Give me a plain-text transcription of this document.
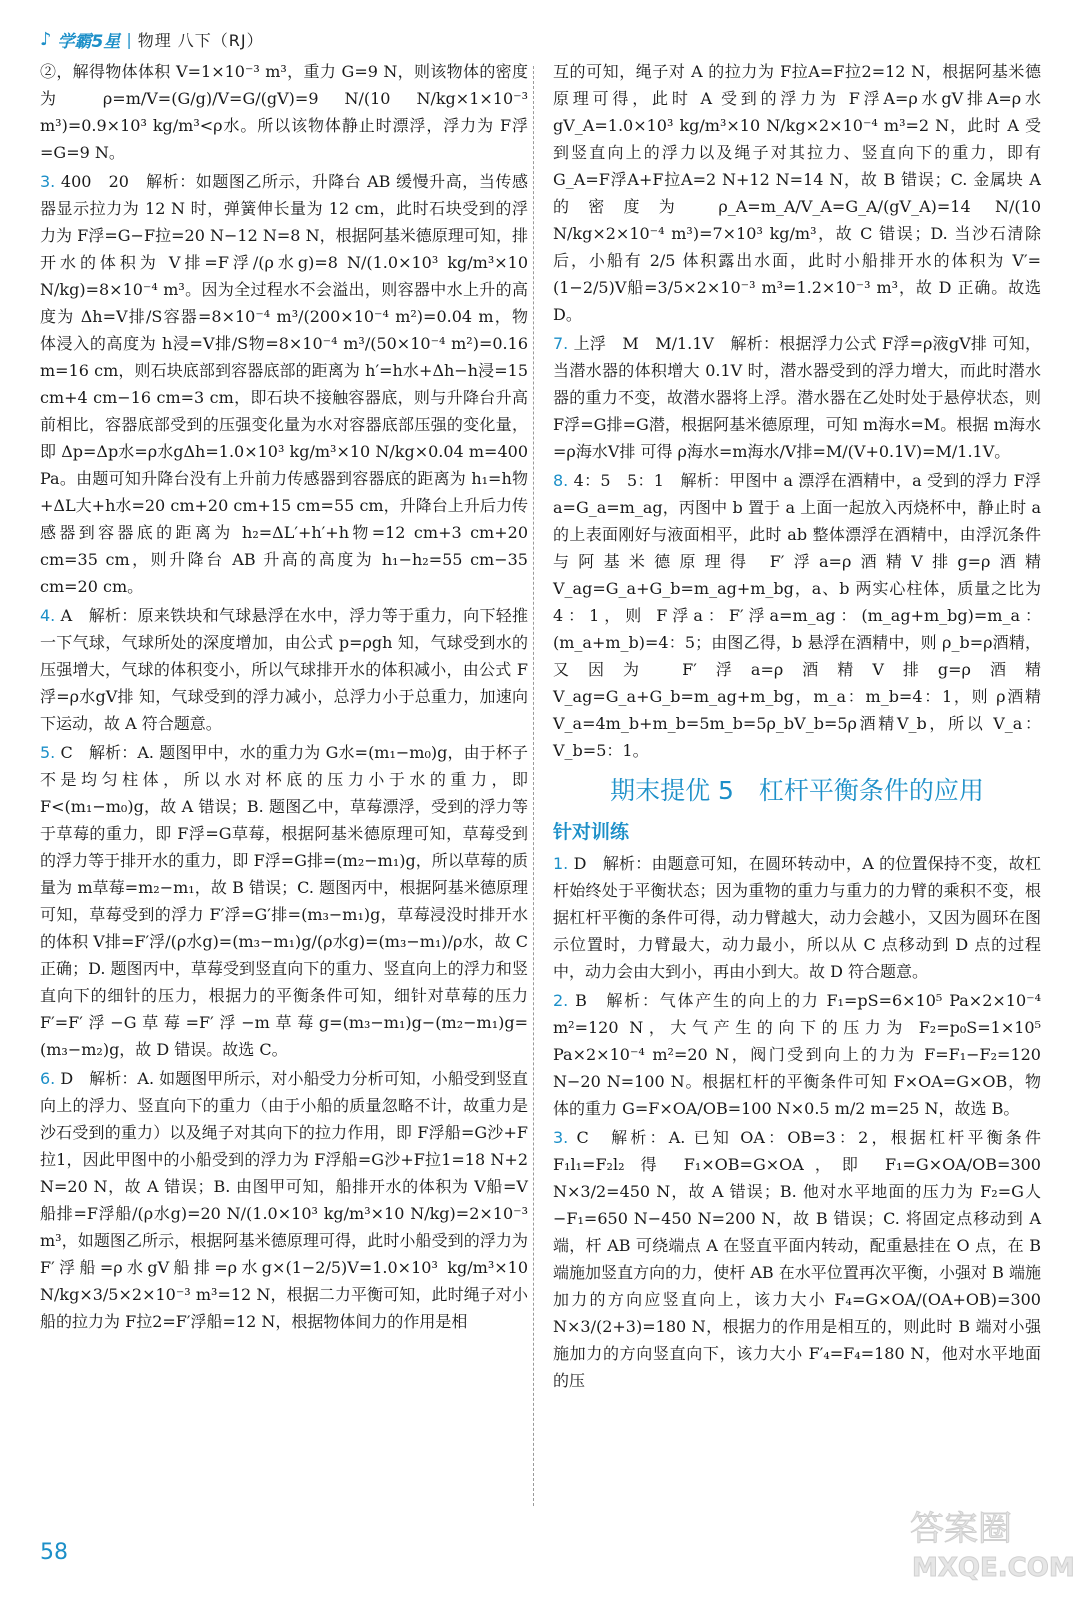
♪ 学霸5星 | 物理 八下（RJ）

②，解得物体体积 V=1×10⁻³ m³，重力 G=9 N，则该物体的密度为 ρ=m/V=(G/g)/V=G/(gV)=9 N/(10 N/kg×1×10⁻³ m³)=0.9×10³ kg/m³<ρ水。所以该物体静止时漂浮，浮力为 F浮=G=9 N。

3. 400　20　解析：如题图乙所示，升降台 AB 缓慢升高，当传感器显示拉力为 12 N 时，弹簧伸长量为 12 cm，此时石块受到的浮力为 F浮=G−F拉=20 N−12 N=8 N，根据阿基米德原理可知，排开水的体积为 V排=F浮/(ρ水g)=8 N/(1.0×10³ kg/m³×10 N/kg)=8×10⁻⁴ m³。因为全过程水不会溢出，则容器中水上升的高度为 Δh=V排/S容器=8×10⁻⁴ m³/(200×10⁻⁴ m²)=0.04 m，物体浸入的高度为 h浸=V排/S物=8×10⁻⁴ m³/(50×10⁻⁴ m²)=0.16 m=16 cm，则石块底部到容器底部的距离为 h′=h水+Δh−h浸=15 cm+4 cm−16 cm=3 cm，即石块不接触容器底，则与升降台升高前相比，容器底部受到的压强变化量为水对容器底部压强的变化量，即 Δp=Δp水=ρ水gΔh=1.0×10³ kg/m³×10 N/kg×0.04 m=400 Pa。由题可知升降台没有上升前力传感器到容器底的距离为 h₁=h物+ΔL大+h水=20 cm+20 cm+15 cm=55 cm，升降台上升后力传感器到容器底的距离为 h₂=ΔL′+h′+h物=12 cm+3 cm+20 cm=35 cm，则升降台 AB 升高的高度为 h₁−h₂=55 cm−35 cm=20 cm。

4. A　解析：原来铁块和气球悬浮在水中，浮力等于重力，向下轻推一下气球，气球所处的深度增加，由公式 p=ρgh 知，气球受到水的压强增大，气球的体积变小，所以气球排开水的体积减小，由公式 F浮=ρ水gV排 知，气球受到的浮力减小，总浮力小于总重力，加速向下运动，故 A 符合题意。

5. C　解析：A. 题图甲中，水的重力为 G水=(m₁−m₀)g，由于杯子不是均匀柱体，所以水对杯底的压力小于水的重力，即 F<(m₁−m₀)g，故 A 错误；B. 题图乙中，草莓漂浮，受到的浮力等于草莓的重力，即 F浮=G草莓，根据阿基米德原理可知，草莓受到的浮力等于排开水的重力，即 F浮=G排=(m₂−m₁)g，所以草莓的质量为 m草莓=m₂−m₁，故 B 错误；C. 题图丙中，根据阿基米德原理可知，草莓受到的浮力 F′浮=G′排=(m₃−m₁)g，草莓浸没时排开水的体积 V排=F′浮/(ρ水g)=(m₃−m₁)g/(ρ水g)=(m₃−m₁)/ρ水，故 C 正确；D. 题图丙中，草莓受到竖直向下的重力、竖直向上的浮力和竖直向下的细针的压力，根据力的平衡条件可知，细针对草莓的压力 F′=F′浮−G草莓=F′浮−m草莓g=(m₃−m₁)g−(m₂−m₁)g=(m₃−m₂)g，故 D 错误。故选 C。

6. D　解析：A. 如题图甲所示，对小船受力分析可知，小船受到竖直向上的浮力、竖直向下的重力（由于小船的质量忽略不计，故重力是沙石受到的重力）以及绳子对其向下的拉力作用，即 F浮船=G沙+F拉1，因此甲图中的小船受到的浮力为 F浮船=G沙+F拉1=18 N+2 N=20 N，故 A 错误；B. 由图甲可知，船排开水的体积为 V船=V船排=F浮船/(ρ水g)=20 N/(1.0×10³ kg/m³×10 N/kg)=2×10⁻³ m³，如题图乙所示，根据阿基米德原理可得，此时小船受到的浮力为 F′浮船=ρ水gV船排=ρ水g×(1−2/5)V=1.0×10³ kg/m³×10 N/kg×3/5×2×10⁻³ m³=12 N，根据二力平衡可知，此时绳子对小船的拉力为 F拉2=F′浮船=12 N，根据物体间力的作用是相

互的可知，绳子对 A 的拉力为 F拉A=F拉2=12 N，根据阿基米德原理可得，此时 A 受到的浮力为 F浮A=ρ水gV排A=ρ水gV_A=1.0×10³ kg/m³×10 N/kg×2×10⁻⁴ m³=2 N，此时 A 受到竖直向上的浮力以及绳子对其拉力、竖直向下的重力，即有 G_A=F浮A+F拉A=2 N+12 N=14 N，故 B 错误；C. 金属块 A 的密度为 ρ_A=m_A/V_A=G_A/(gV_A)=14 N/(10 N/kg×2×10⁻⁴ m³)=7×10³ kg/m³，故 C 错误；D. 当沙石清除后，小船有 2/5 体积露出水面，此时小船排开水的体积为 V′=(1−2/5)V船=3/5×2×10⁻³ m³=1.2×10⁻³ m³，故 D 正确。故选 D。

7. 上浮　M　M/1.1V　解析：根据浮力公式 F浮=ρ液gV排 可知，当潜水器的体积增大 0.1V 时，潜水器受到的浮力增大，而此时潜水器的重力不变，故潜水器将上浮。潜水器在乙处时处于悬停状态，则 F浮=G排=G潜，根据阿基米德原理，可知 m海水=M。根据 m海水=ρ海水V排 可得 ρ海水=m海水/V排=M/(V+0.1V)=M/1.1V。

8. 4：5　5：1　解析：甲图中 a 漂浮在酒精中，a 受到的浮力 F浮a=G_a=m_ag，丙图中 b 置于 a 上面一起放入丙烧杯中，静止时 a 的上表面刚好与液面相平，此时 ab 整体漂浮在酒精中，由浮沉条件与阿基米德原理得 F′浮a=ρ酒精V排g=ρ酒精V_ag=G_a+G_b=m_ag+m_bg，a、b 两实心柱体，质量之比为 4：1，则 F浮a：F′浮a=m_ag：(m_ag+m_bg)=m_a：(m_a+m_b)=4：5；由图乙得，b 悬浮在酒精中，则 ρ_b=ρ酒精，又因为 F′浮a=ρ酒精V排g=ρ酒精V_ag=G_a+G_b=m_ag+m_bg，m_a：m_b=4：1，则 ρ酒精V_a=4m_b+m_b=5m_b=5ρ_bV_b=5ρ酒精V_b，所以 V_a：V_b=5：1。

期末提优 5　杠杆平衡条件的应用
针对训练

1. D　解析：由题意可知，在圆环转动中，A 的位置保持不变，故杠杆始终处于平衡状态；因为重物的重力与重力的力臂的乘积不变，根据杠杆平衡的条件可得，动力臂越大，动力会越小，又因为圆环在图示位置时，力臂最大，动力最小，所以从 C 点移动到 D 点的过程中，动力会由大到小，再由小到大。故 D 符合题意。

2. B　解析：气体产生的向上的力 F₁=pS=6×10⁵ Pa×2×10⁻⁴ m²=120 N，大气产生的向下的压力为 F₂=p₀S=1×10⁵ Pa×2×10⁻⁴ m²=20 N，阀门受到向上的力为 F=F₁−F₂=120 N−20 N=100 N。根据杠杆的平衡条件可知 F×OA=G×OB，物体的重力 G=F×OA/OB=100 N×0.5 m/2 m=25 N，故选 B。

3. C　解析：A. 已知 OA：OB=3：2，根据杠杆平衡条件 F₁l₁=F₂l₂ 得 F₁×OB=G×OA，即 F₁=G×OA/OB=300 N×3/2=450 N，故 A 错误；B. 他对水平地面的压力为 F₂=G人−F₁=650 N−450 N=200 N，故 B 错误；C. 将固定点移动到 A 端，杆 AB 可绕端点 A 在竖直平面内转动，配重悬挂在 O 点，在 B 端施加竖直方向的力，使杆 AB 在水平位置再次平衡，小强对 B 端施加力的方向应竖直向上，该力大小 F₄=G×OA/(OA+OB)=300 N×3/(2+3)=180 N，根据力的作用是相互的，则此时 B 端对小强施加力的方向竖直向下，该力大小 F′₄=F₄=180 N，他对水平地面的压

58
答案圈
MXQE.COM
